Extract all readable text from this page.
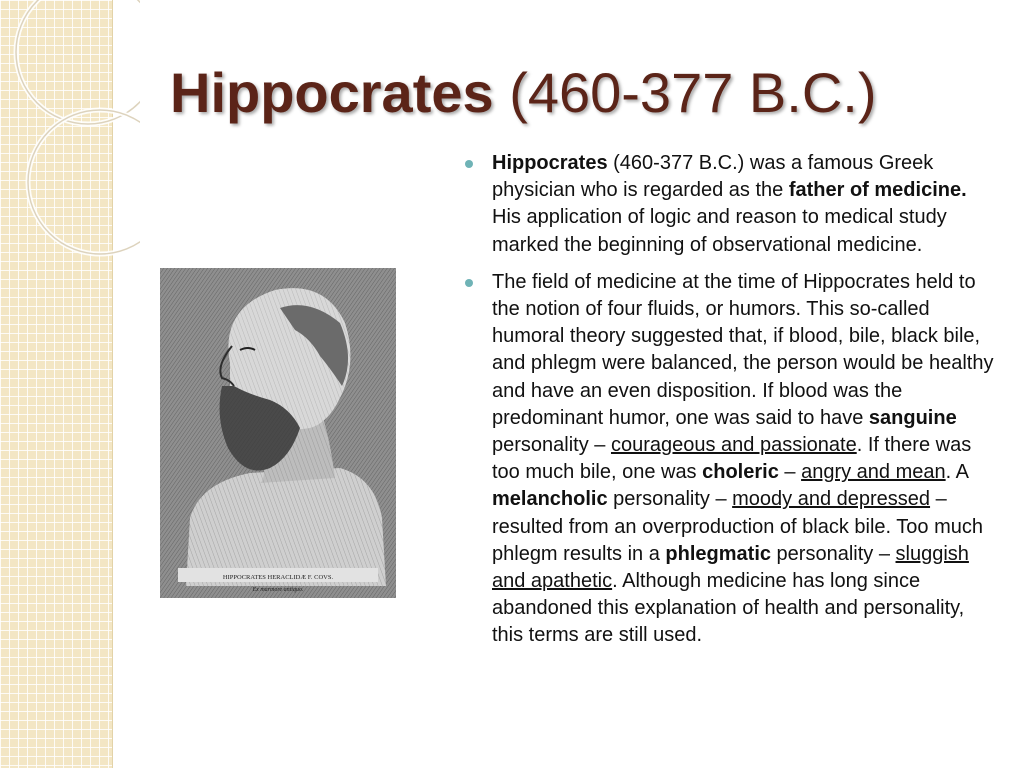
Hippocrates (460-377 B.C.)
HIPPOCRATES HERACLIDÆ F. COVS.
Ex marmore antiquo.
Hippocrates (460-377 B.C.) was a famous Greek physician who is regarded as the father of medicine. His application of logic and reason to medical study marked the beginning of observational medicine.
The field of medicine at the time of Hippocrates held to the notion of four fluids, or humors. This so-called humoral theory suggested that, if blood, bile, black bile, and phlegm were balanced, the person would be healthy and have an even disposition. If blood was the predominant humor, one was said to have sanguine personality – courageous and passionate. If there was too much bile, one was choleric – angry and mean. A melancholic personality – moody and depressed – resulted from an overproduction of black bile. Too much phlegm results in a phlegmatic personality – sluggish and apathetic. Although medicine has long since abandoned this explanation of health and personality, this terms are still used.
